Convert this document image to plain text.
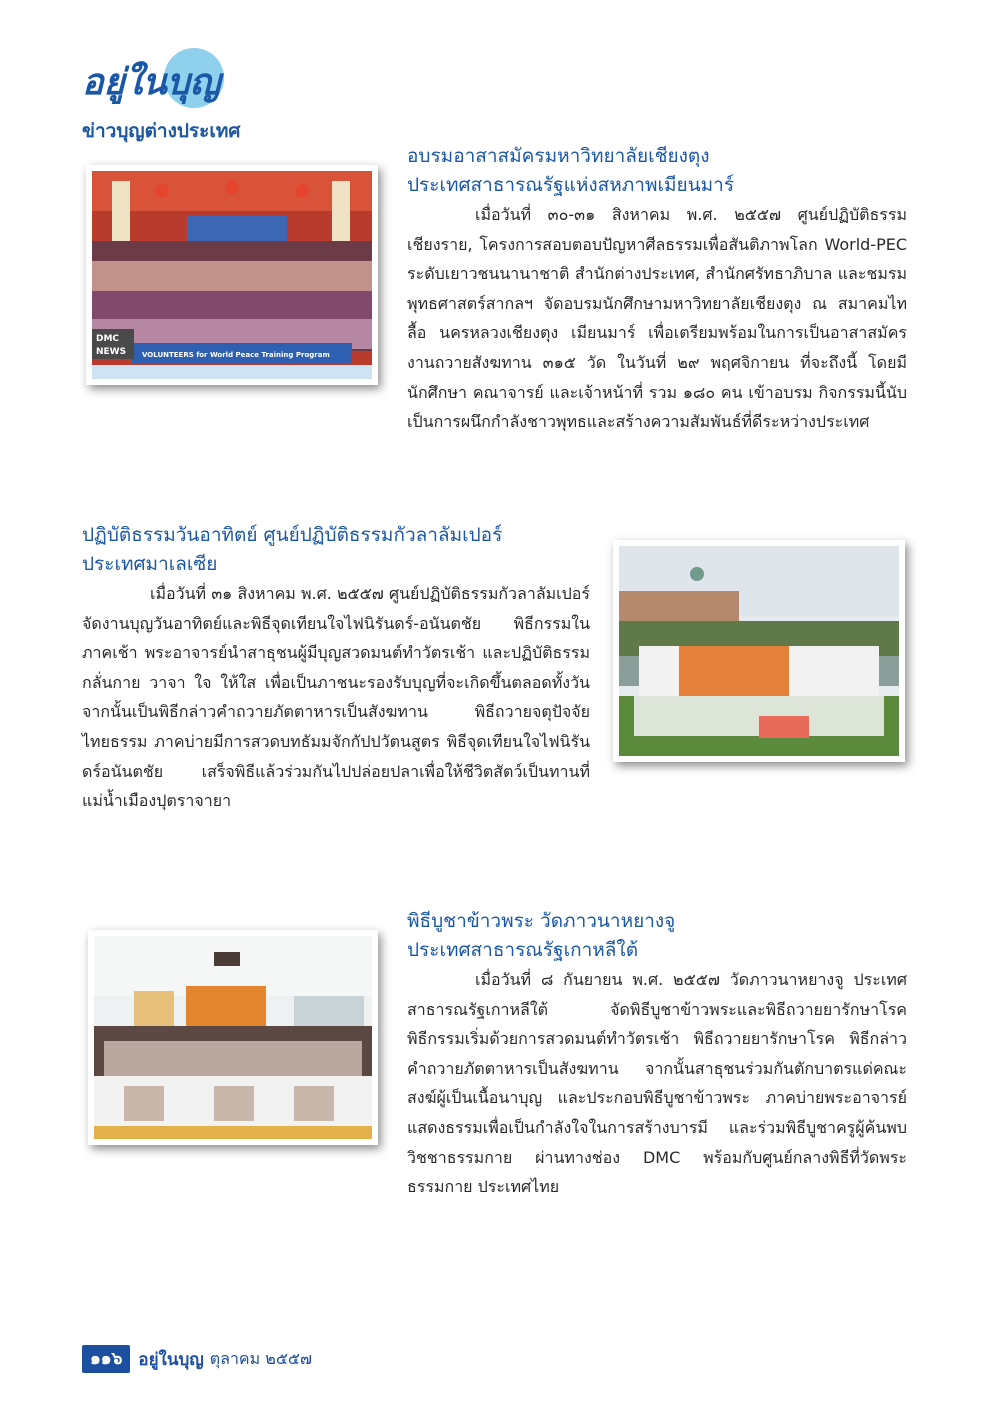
อยู่ในบุญ
ข่าวบุญต่างประเทศ
VOLUNTEERS for World Peace Training Program
DMC
NEWS
อบรมอาสาสมัครมหาวิทยาลัยเชียงตุง
ประเทศสาธารณรัฐแห่งสหภาพเมียนมาร์

เมื่อวันที่ ๓๐-๓๑ สิงหาคม พ.ศ. ๒๕๕๗ ศูนย์ปฏิบัติธรรมเชียงราย, โครงการสอบตอบปัญหาศีลธรรมเพื่อสันติภาพโลก World-PEC ระดับเยาวชนนานาชาติ สำนักต่างประเทศ, สำนักศรัทธาภิบาล และชมรมพุทธศาสตร์สากลฯ จัดอบรมนักศึกษามหาวิทยาลัยเชียงตุง ณ สมาคมไทลื้อ นครหลวงเชียงตุง เมียนมาร์ เพื่อเตรียมพร้อมในการเป็นอาสาสมัครงานถวายสังฆทาน ๓๑๕ วัด ในวันที่ ๒๙ พฤศจิกายน ที่จะถึงนี้ โดยมีนักศึกษา คณาจารย์ และเจ้าหน้าที่ รวม ๑๘๐ คน เข้าอบรม กิจกรรมนี้นับเป็นการผนึกกำลังชาวพุทธและสร้างความสัมพันธ์ที่ดีระหว่างประเทศ

ปฏิบัติธรรมวันอาทิตย์ ศูนย์ปฏิบัติธรรมกัวลาลัมเปอร์
ประเทศมาเลเซีย

เมื่อวันที่ ๓๑ สิงหาคม พ.ศ. ๒๕๕๗ ศูนย์ปฏิบัติธรรมกัวลาลัมเปอร์จัดงานบุญวันอาทิตย์และพิธีจุดเทียนใจไฟนิรันดร์-อนันตชัย พิธีกรรมในภาคเช้า พระอาจารย์นำสาธุชนผู้มีบุญสวดมนต์ทำวัตรเช้า และปฏิบัติธรรมกลั่นกาย วาจา ใจ ให้ใส เพื่อเป็นภาชนะรองรับบุญที่จะเกิดขึ้นตลอดทั้งวัน จากนั้นเป็นพิธีกล่าวคำถวายภัตตาหารเป็นสังฆทาน พิธีถวายจตุปัจจัยไทยธรรม ภาคบ่ายมีการสวดบทธัมมจักกัปปวัตนสูตร พิธีจุดเทียนใจไฟนิรันดร์อนันตชัย เสร็จพิธีแล้วร่วมกันไปปล่อยปลาเพื่อให้ชีวิตสัตว์เป็นทานที่แม่น้ำเมืองปุตราจายา

พิธีบูชาข้าวพระ วัดภาวนาหยางจู
ประเทศสาธารณรัฐเกาหลีใต้

เมื่อวันที่ ๘ กันยายน พ.ศ. ๒๕๕๗ วัดภาวนาหยางจู ประเทศสาธารณรัฐเกาหลีใต้ จัดพิธีบูชาข้าวพระและพิธีถวายยารักษาโรค พิธีกรรมเริ่มด้วยการสวดมนต์ทำวัตรเช้า พิธีถวายยารักษาโรค พิธีกล่าวคำถวายภัตตาหารเป็นสังฆทาน จากนั้นสาธุชนร่วมกันตักบาตรแด่คณะสงฆ์ผู้เป็นเนื้อนาบุญ และประกอบพิธีบูชาข้าวพระ ภาคบ่ายพระอาจารย์แสดงธรรมเพื่อเป็นกำลังใจในการสร้างบารมี และร่วมพิธีบูชาครูผู้ค้นพบวิชชาธรรมกาย ผ่านทางช่อง DMC พร้อมกับศูนย์กลางพิธีที่วัดพระธรรมกาย ประเทศไทย

๑๑๖ อยู่ในบุญ ตุลาคม ๒๕๕๗
